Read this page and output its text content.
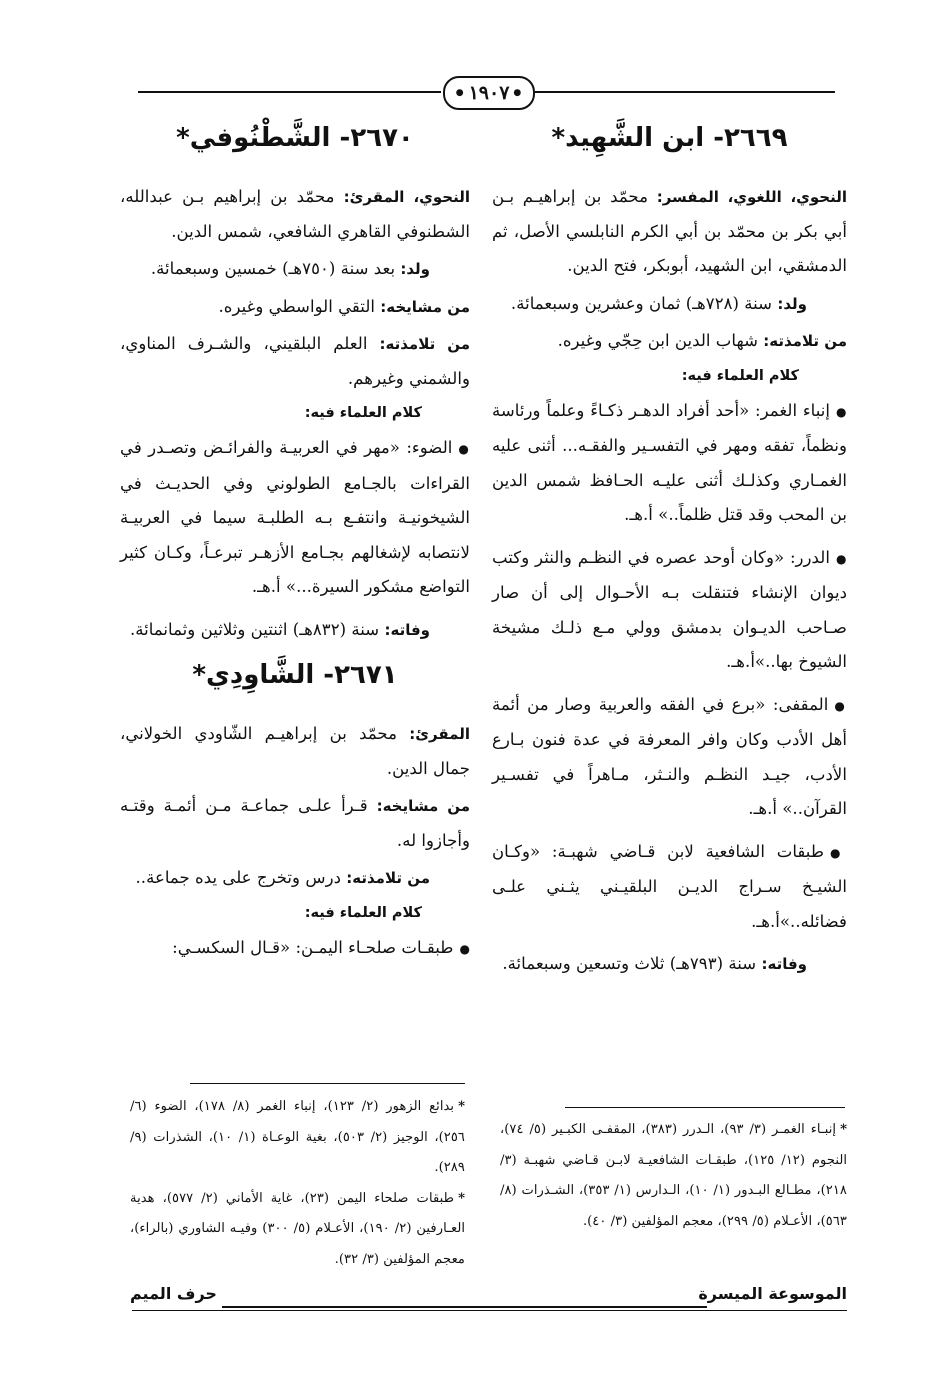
●
١٩٠٧
●
٢٦٦٩- ابن الشَّهِيد*

النحوي، اللغوي، المفسر: محمّد بن إبراهيـم بـن أبي بكر بن محمّد بن أبي الكرم النابلسي الأصل، ثم الدمشقي، ابن الشهيد، أبوبكر، فتح الدين.

ولد: سنة (٧٢٨هـ) ثمان وعشرين وسبعمائة.

من تلامذته: شهاب الدين ابن حِجّي وغيره.

كلام العلماء فيه:

●إنباء الغمر: «أحد أفراد الدهـر ذكـاءً وعلماً ورئاسة ونظماً، تفقه ومهر في التفسـير والفقـه... أثنى عليه الغمـاري وكذلـك أثنى عليـه الحـافظ شمس الدين بن المحب وقد قتل ظلماً..» أ.هـ.

●الدرر: «وكان أوحد عصره في النظـم والنثر وكتب ديوان الإنشاء فتنقلت بـه الأحـوال إلى أن صار صـاحب الديـوان بدمشق وولي مـع ذلـك مشيخة الشيوخ بها..»أ.هـ.

●المقفى: «برع في الفقه والعربية وصار من أئمة أهل الأدب وكان وافر المعرفة في عدة فنون بـارع الأدب، جيـد النظـم والنـثر، مـاهراً في تفسـير القرآن..» أ.هـ.

●طبقات الشافعية لابن قـاضي شهبـة: «وكـان الشيـخ سـراج الديـن البلقيـني يثـني علـى فضائله..»أ.هـ.

وفاته: سنة (٧٩٣هـ) ثلاث وتسعين وسبعمائة.

٢٦٧٠- الشَّطْنُوفي*

النحوي، المقرئ: محمّد بن إبراهيم بـن عبدالله، الشطنوفي القاهري الشافعي، شمس الدين.

ولد: بعد سنة (٧٥٠هـ) خمسين وسبعمائة.

من مشايخه: التقي الواسطي وغيره.

من تلامذته: العلم البلقيني، والشـرف المناوي، والشمني وغيرهم.

كلام العلماء فيه:

●الضوء: «مهر في العربيـة والفرائـض وتصـدر في القراءات بالجـامع الطولوني وفي الحديـث في الشيخونيـة وانتفـع بـه الطلبـة سيما في العربيـة لانتصابه لإشغالهم بجـامع الأزهـر تبرعـاً، وكـان كثير التواضع مشكور السيرة...» أ.هـ.

وفاته: سنة (٨٣٢هـ) اثنتين وثلاثين وثمانمائة.

٢٦٧١- الشَّاوِدِي*

المقرئ: محمّد بن إبراهيـم الشّاودي الخولاني، جمال الدين.

من مشايخه: قـرأ علـى جماعـة مـن أئمـة وقتـه وأجازوا له.

من تلامذته: درس وتخرج على يده جماعة..

كلام العلماء فيه:

●طبقـات صلحـاء اليمـن: «قـال السكسـي:

*بدائع الزهور (٢/ ١٢٣)، إنباء الغمر (٨/ ١٧٨)، الضوء (٦/ ٢٥٦)، الوجيز (٢/ ٥٠٣)، بغية الوعـاة (١/ ١٠)، الشذرات (٩/ ٢٨٩).

*طبقات صلحاء اليمن (٢٣)، غاية الأماني (٢/ ٥٧٧)، هدية العـارفين (٢/ ١٩٠)، الأعـلام (٥/ ٣٠٠) وفيـه الشاوري (بالراء)، معجم المؤلفين (٣/ ٣٢).

*إنبـاء الغمـر (٣/ ٩٣)، الـدرر (٣٨٣)، المقفـى الكبـير (٥/ ٧٤)، النجوم (١٢/ ١٢٥)، طبقـات الشافعيـة لابـن قـاضي شهبـة (٣/ ٢١٨)، مطـالع البـدور (١/ ١٠)، الـدارس (١/ ٣٥٣)، الشـذرات (٨/ ٥٦٣)، الأعـلام (٥/ ٢٩٩)، معجم المؤلفين (٣/ ٤٠).

الموسوعة الميسرة
حرف الميم
